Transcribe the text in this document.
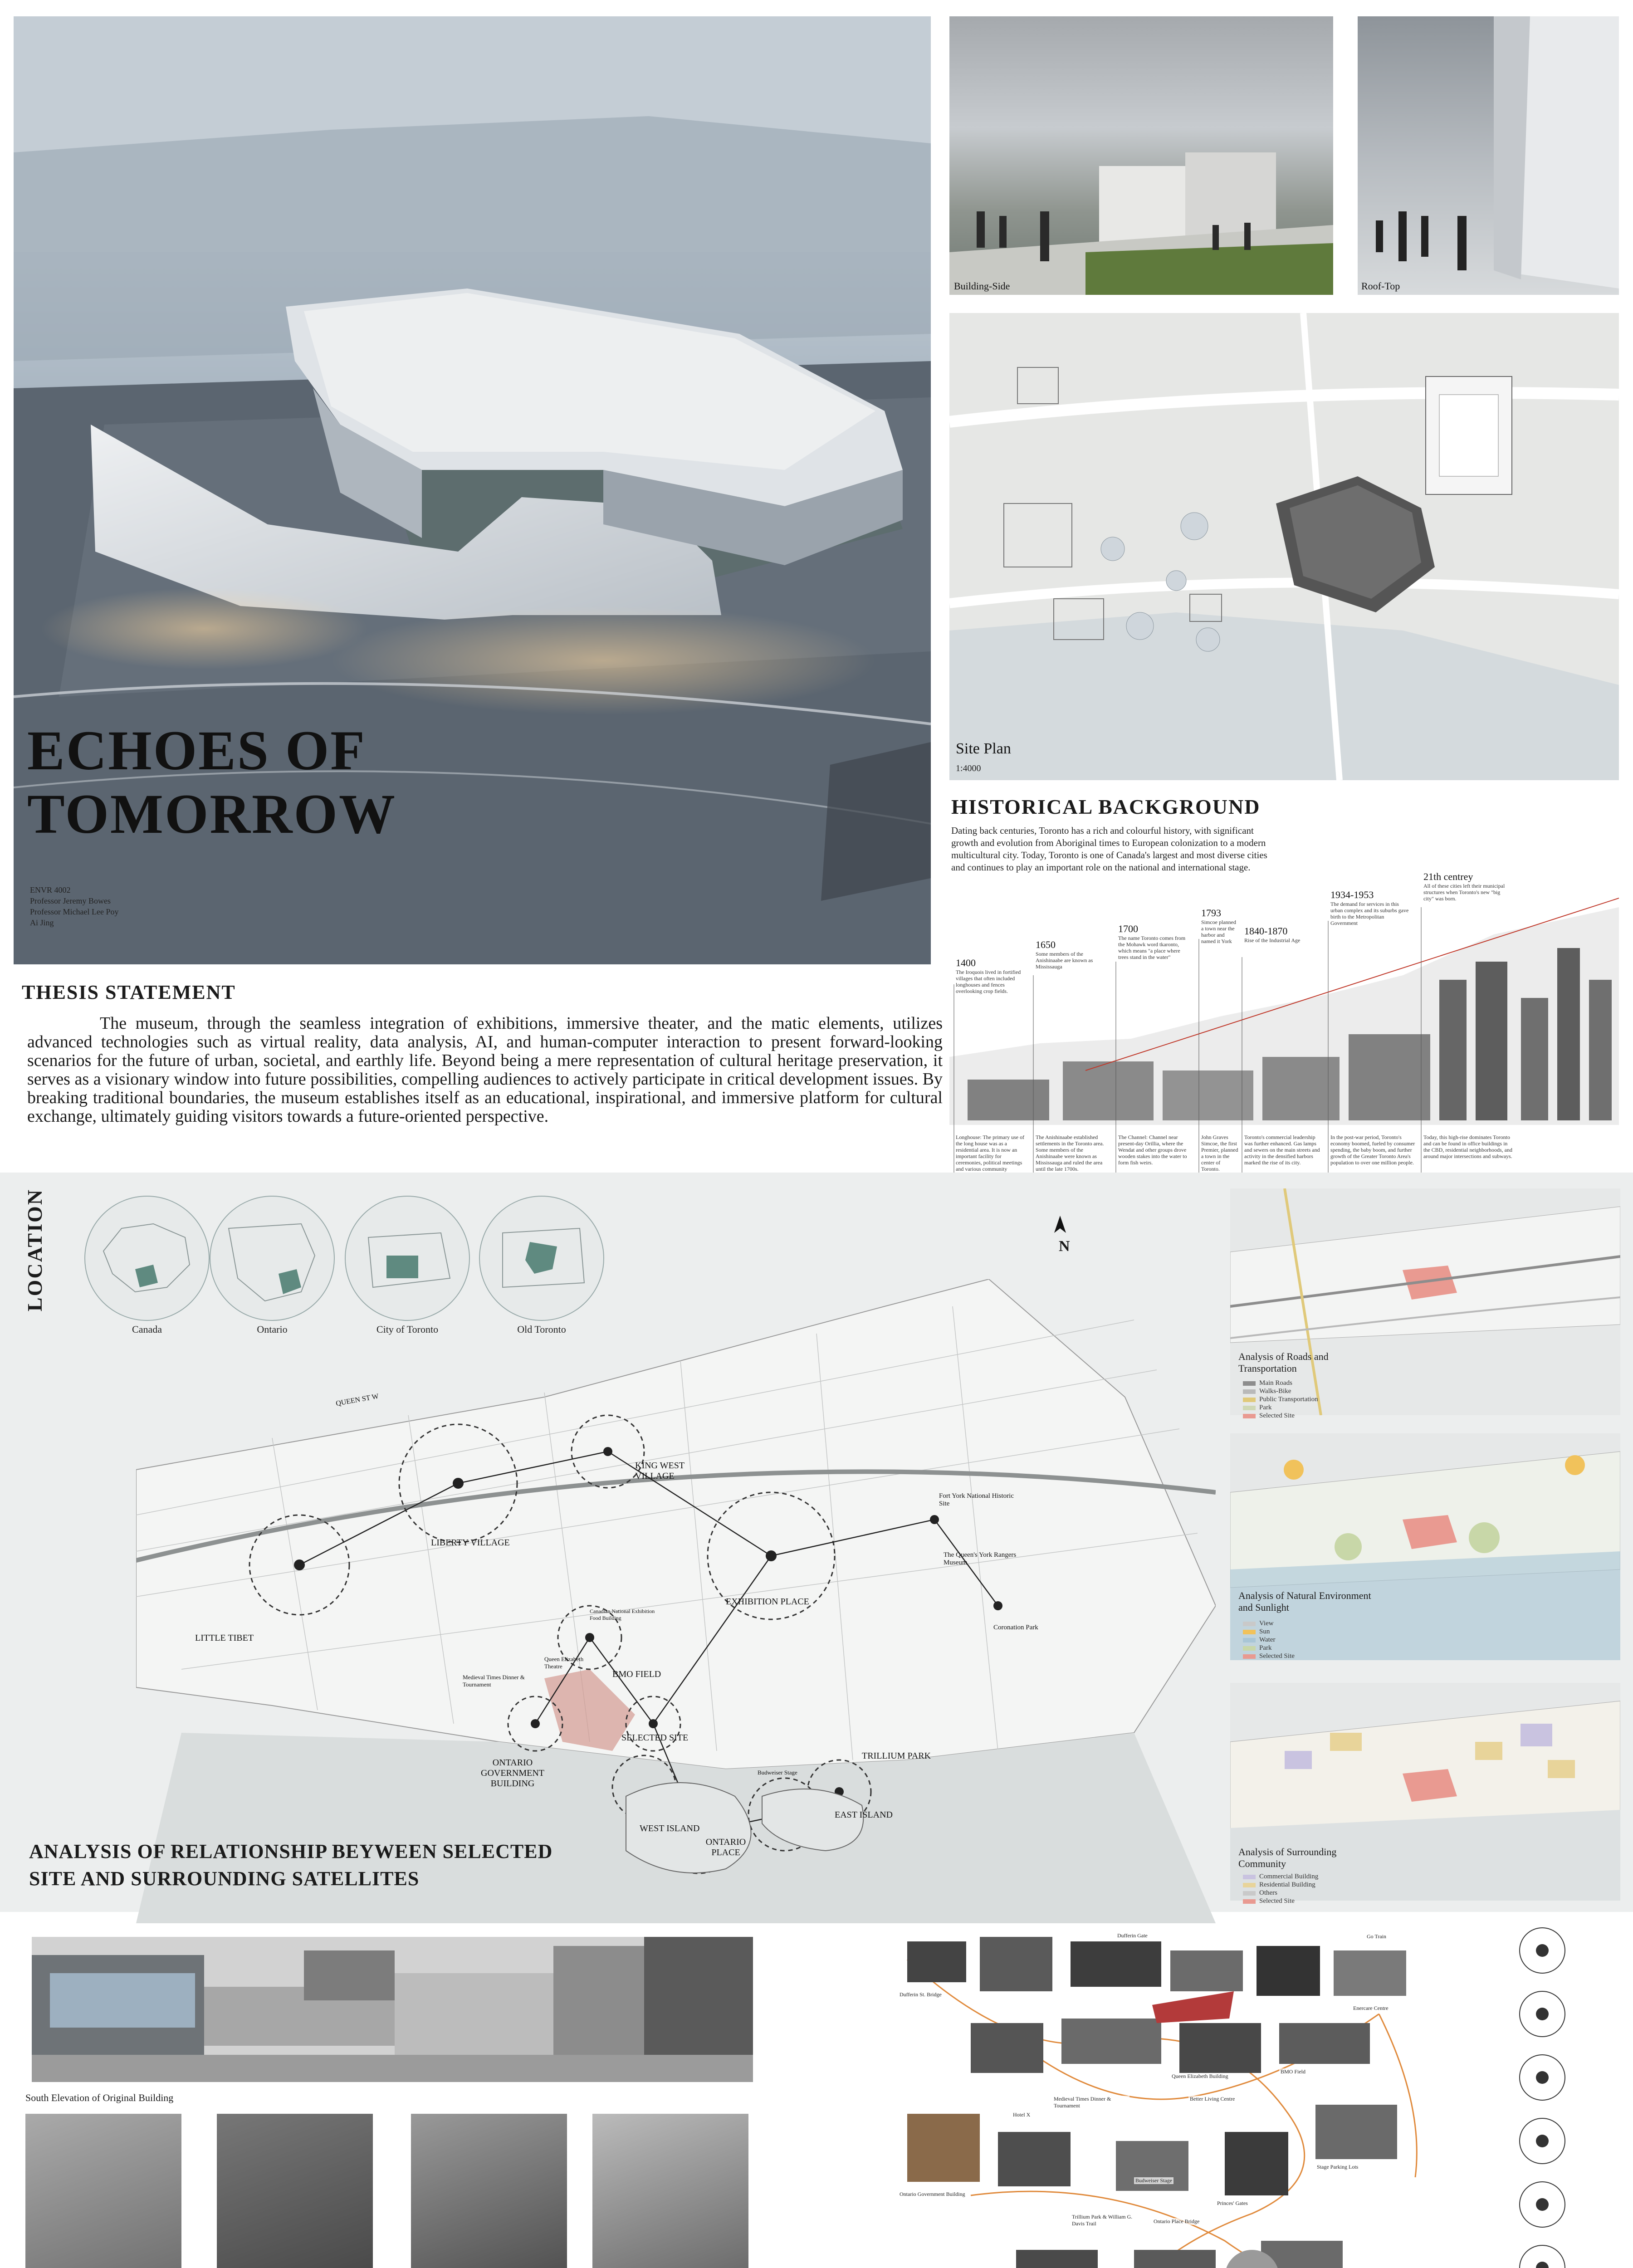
ECHOES OF
TOMORROW
ENVR 4002
Professor Jeremy Bowes
Professor Michael Lee Poy
Ai Jing
Building-Side	Roof-Top
Site Plan
1:4000
HISTORICAL BACKGROUND
Dating back centuries, Toronto has a rich and colourful history, with significant growth and evolution from Aboriginal times to European colonization to a modern multicultural city. Today, Toronto is one of Canada's largest and most diverse cities and continues to play an important role on the national and international stage.
1400
The Iroquois lived in fortified villages that often included longhouses and fences overlooking crop fields.
Longhouse: The primary use of the long house was as a residential area. It is now an important facility for ceremonies, political meetings and various community
1650
Some members of the Anishinaabe are known as Mississauga
The Anishinaabe established settlements in the Toronto area. Some members of the Anishinaabe were known as Mississauga and ruled the area until the late 1700s.
1700
The name Toronto comes from the Mohawk word tkaronto, which means "a place where trees stand in the water"
The Channel: Channel near present-day Orillia, where the Wendat and other groups drove wooden stakes into the water to form fish weirs.
1793
Simcoe planned a town near the harbor and named it York
John Graves Simcoe, the first Premier, planned a town in the center of Toronto.
1840-1870
Rise of the Industrial Age
Toronto's commercial leadership was further enhanced. Gas lamps and sewers on the main streets and activity in the densified harbors marked the rise of its city.
1934-1953
The demand for services in this urban complex and its suburbs gave birth to the Metropolitan Government
In the post-war period, Toronto's economy boomed, fueled by consumer spending, the baby boom, and further growth of the Greater Toronto Area's population to over one million people.
21th centrey
All of these cities left their municipal structures when Toronto's new "big city" was born.
Today, this high-rise dominates Toronto and can be found in office buildings in the CBD, residential neighborhoods, and around major intersections and subways.
THESIS STATEMENT
The museum, through the seamless integration of exhibitions, immersive theater, and the matic elements, utilizes advanced technologies such as virtual reality, data analysis, AI, and human-computer interaction to present forward-looking scenarios for the future of urban, societal, and earthly life. Beyond being a mere representation of cultural heritage preservation, it serves as a visionary window into future possibilities, compelling audiences to actively participate in critical development issues. By breaking traditional boundaries, the museum establishes itself as an educational, inspirational, and immersive platform for cultural exchange, ultimately guiding visitors towards a future-oriented perspective.
LOCATION
Canada	Ontario	City of Toronto	Old Toronto
N
QUEEN ST W
LITTLE TIBET
LIBERTY VILLAGE
KING WEST VILLAGE
EXHIBITION PLACE
BMO FIELD
SELECTED SITE
ONTARIO GOVERNMENT BUILDING
WEST ISLAND
ONTARIO PLACE
EAST ISLAND
TRILLIUM PARK
Fort York National Historic Site
The Queen's York Rangers Museum
Coronation Park
Canadian National Exhibition Food Building
Queen Elizabeth Theatre
Medieval Times Dinner & Tournament
Budweiser Stage
ANALYSIS OF RELATIONSHIP BEYWEEN SELECTED
SITE AND SURROUNDING SATELLITES
Analysis of Roads and Transportation
Main Roads
Walks-Bike
Public Transportation
Park
Selected Site
Analysis of Natural Environment and Sunlight
View
Sun
Water
Park
Selected Site
Analysis of Surrounding Community
Commercial Building
Residential Building
Others
Selected Site
South Elevation of Original Building
Dufferin Gate	Go Train
Dufferin St. Bridge
Queen Elizabeth Building
BMO Field
Enercare Centre
Medieval Times Dinner & Tournament
Better Living Centre
Stage Parking Lots
Ontario Government Building
Hotel X
Princes' Gates
Ontario Place Bridge
Trillium Park & William G. Davis Trail
Budweiser Stage
